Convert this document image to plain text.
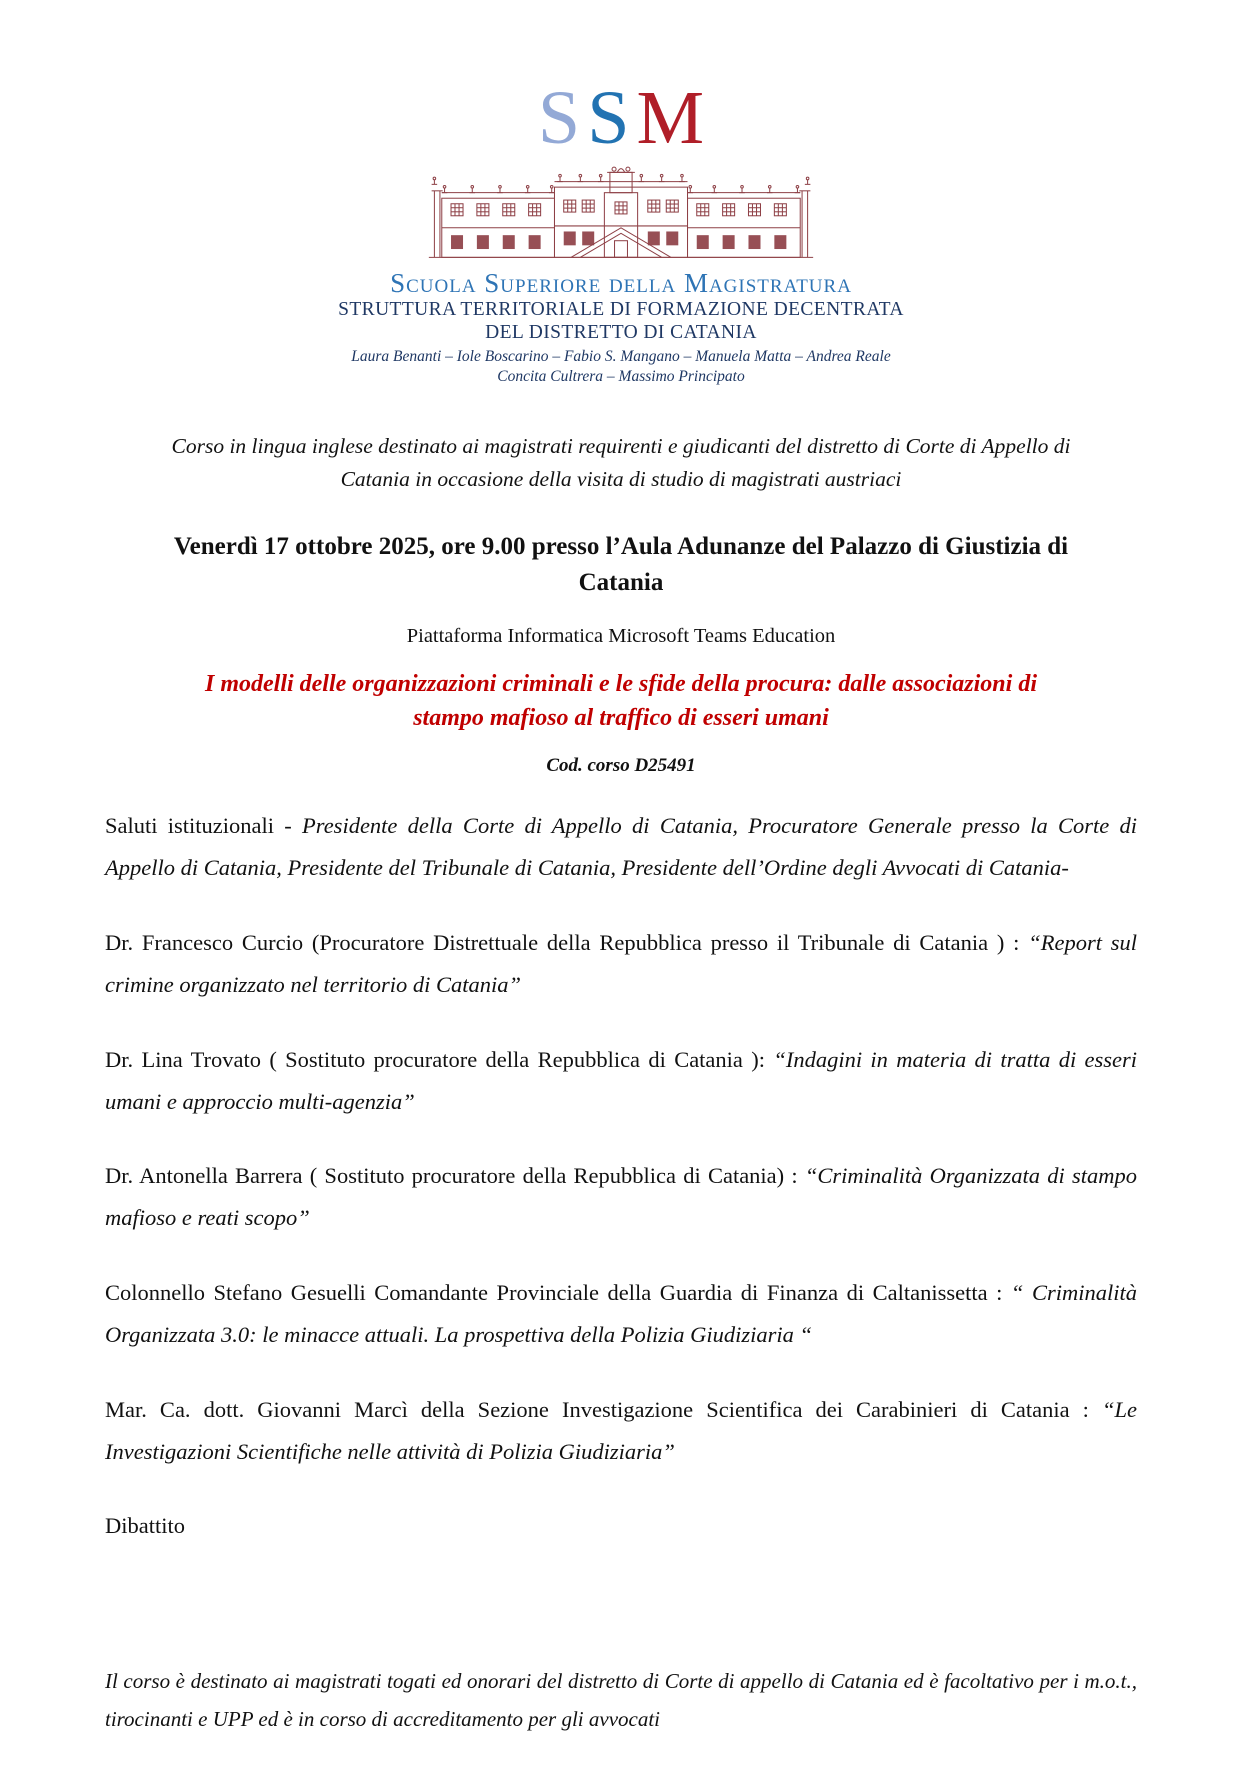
SSM
Scuola Superiore della Magistratura
STRUTTURA TERRITORIALE DI FORMAZIONE DECENTRATA
DEL DISTRETTO DI CATANIA
Laura Benanti – Iole Boscarino – Fabio S. Mangano – Manuela Matta – Andrea Reale
Concita Cultrera – Massimo Principato

Corso in lingua inglese destinato ai magistrati requirenti e giudicanti del distretto di Corte di Appello di Catania in occasione della visita di studio di magistrati austriaci

Venerdì 17 ottobre 2025, ore 9.00 presso l’Aula Adunanze del Palazzo di Giustizia di Catania

Piattaforma Informatica Microsoft Teams Education

I modelli delle organizzazioni criminali e le sfide della procura: dalle associazioni di stampo mafioso al traffico di esseri umani

Cod. corso D25491

Saluti istituzionali - Presidente della Corte di Appello di Catania, Procuratore Generale presso la Corte di Appello di Catania, Presidente del Tribunale di Catania, Presidente dell’Ordine degli Avvocati di Catania-

Dr. Francesco Curcio (Procuratore Distrettuale della Repubblica presso il Tribunale di Catania ) : “Report sul crimine organizzato nel territorio di Catania”

Dr. Lina Trovato ( Sostituto procuratore della Repubblica di Catania ): “Indagini in materia di tratta di esseri umani e approccio multi-agenzia”

Dr. Antonella Barrera ( Sostituto procuratore della Repubblica di Catania) : “Criminalità Organizzata di stampo mafioso e reati scopo”

Colonnello Stefano Gesuelli Comandante Provinciale della Guardia di Finanza di Caltanissetta : “ Criminalità Organizzata 3.0: le minacce attuali. La prospettiva della Polizia Giudiziaria “

Mar. Ca. dott. Giovanni Marcì della Sezione Investigazione Scientifica dei Carabinieri di Catania : “Le Investigazioni Scientifiche nelle attività di Polizia Giudiziaria”

Dibattito

Il corso è destinato ai magistrati togati ed onorari del distretto di Corte di appello di Catania ed è facoltativo per i m.o.t., tirocinanti e UPP ed è in corso di accreditamento per gli avvocati
